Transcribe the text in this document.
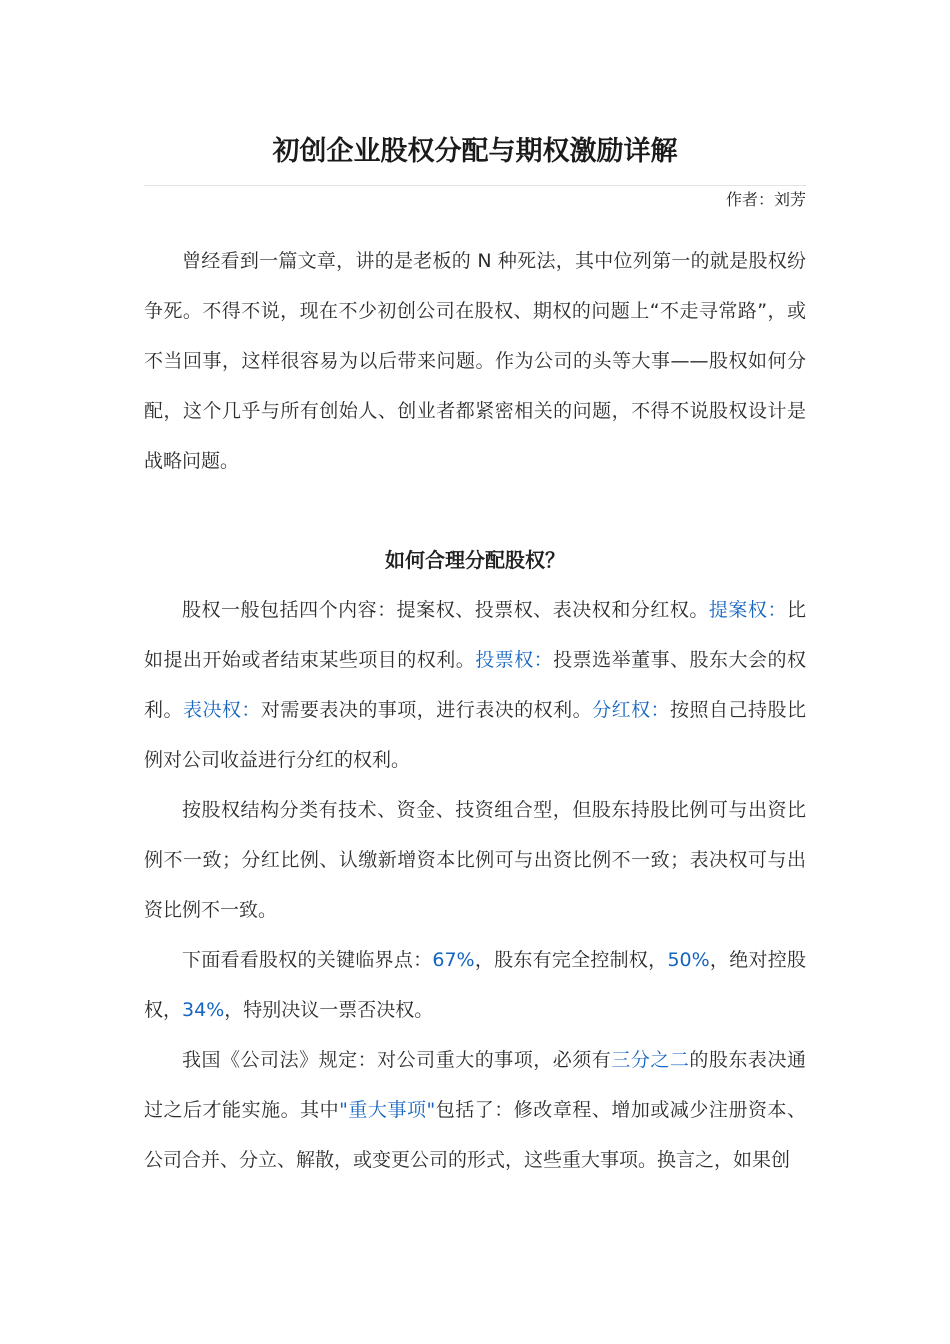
初创企业股权分配与期权激励详解
作者：刘芳

曾经看到一篇文章，讲的是老板的 N 种死法，其中位列第一的就是股权纷争死。不得不说，现在不少初创公司在股权、期权的问题上“不走寻常路”，或不当回事，这样很容易为以后带来问题。作为公司的头等大事——股权如何分配，这个几乎与所有创始人、创业者都紧密相关的问题，不得不说股权设计是战略问题。

如何合理分配股权？

股权一般包括四个内容：提案权、投票权、表决权和分红权。提案权：比如提出开始或者结束某些项目的权利。投票权：投票选举董事、股东大会的权利。表决权：对需要表决的事项，进行表决的权利。分红权：按照自己持股比例对公司收益进行分红的权利。

按股权结构分类有技术、资金、技资组合型，但股东持股比例可与出资比例不一致；分红比例、认缴新增资本比例可与出资比例不一致；表决权可与出资比例不一致。

下面看看股权的关键临界点：67%，股东有完全控制权，50%，绝对控股权，34%，特别决议一票否决权。

我国《公司法》规定：对公司重大的事项，必须有三分之二的股东表决通过之后才能实施。其中"重大事项"包括了：修改章程、增加或减少注册资本、公司合并、分立、解散，或变更公司的形式，这些重大事项。换言之，如果创
